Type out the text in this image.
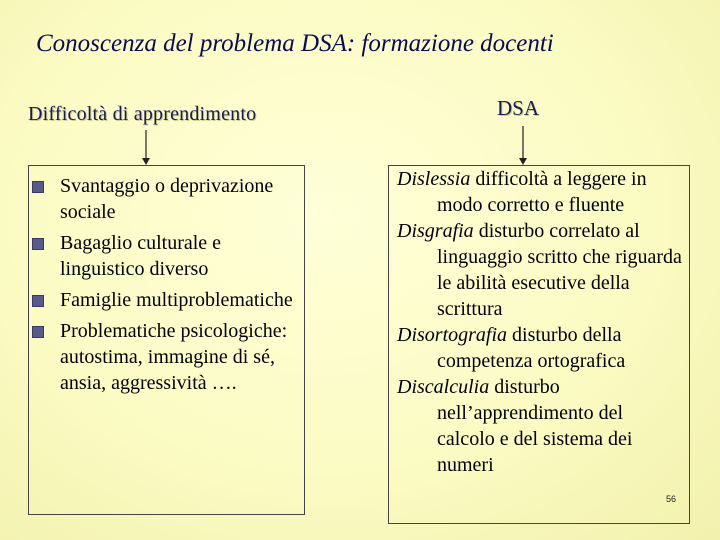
Conoscenza del problema DSA: formazione docenti
Difficoltà di apprendimento	DSA
Svantaggio o deprivazione sociale
Bagaglio culturale e linguistico diverso
Famiglie multiproblematiche
Problematiche psicologiche: autostima, immagine di sé, ansia, aggressività ….
Dislessia difficoltà a leggere in modo corretto e fluente
Disgrafia disturbo correlato al linguaggio scritto che riguarda le abilità esecutive della scrittura
Disortografia disturbo della competenza ortografica
Discalculia disturbo nell’apprendimento del calcolo e del sistema dei numeri
56
